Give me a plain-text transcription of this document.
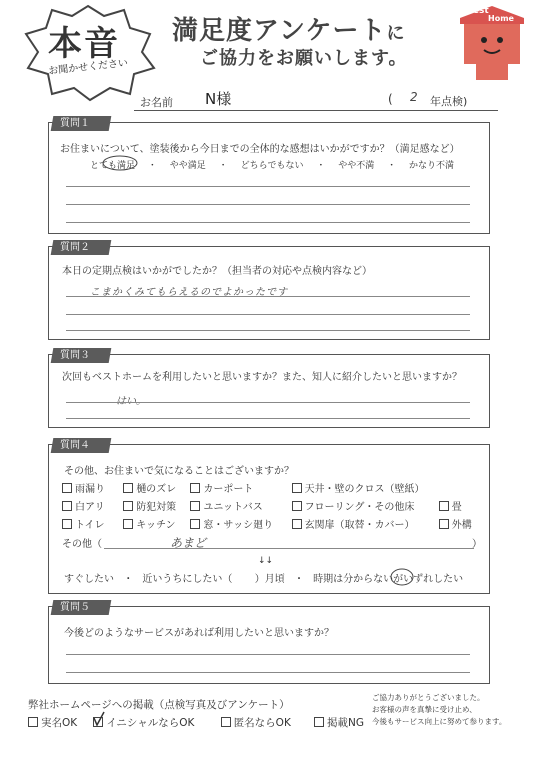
本音
お聞かせください
満足度アンケートに
ご協力をお願いします。
Best
Home
お名前 N様	( 2 年点検)
質問１
お住まいについて、塗装後から今日までの全体的な感想はいかがですか？（満足感など）
とても満足 ・ やや満足 ・ どちらでもない ・ やや不満 ・ かなり不満
質問２
本日の定期点検はいかがでしたか？（担当者の対応や点検内容など）
こまかくみてもらえるのでよかったです
質問３
次回もベストホームを利用したいと思いますか？また、知人に紹介したいと思いますか？
はい。
質問４
その他、お住まいで気になることはございますか？
雨漏り	樋のズレ	カーポート	天井・壁のクロス（壁紙）
白アリ	防犯対策	ユニットバス	フローリング・その他床	畳
トイレ	キッチン	窓・サッシ廻り	玄関扉（取替・カバー）	外構
その他（	あまど	）
↓↓
すぐしたい ・ 近いうちにしたい（ ）月頃 ・ 時期は分からないがいずれしたい
質問５
今後どのようなサービスがあれば利用したいと思いますか？
弊社ホームページへの掲載（点検写真及びアンケート）
実名OK	イニシャルならOK	匿名ならOK	掲載NG
ご協力ありがとうございました。
お客様の声を真摯に受け止め、
今後もサービス向上に努めて参ります。
